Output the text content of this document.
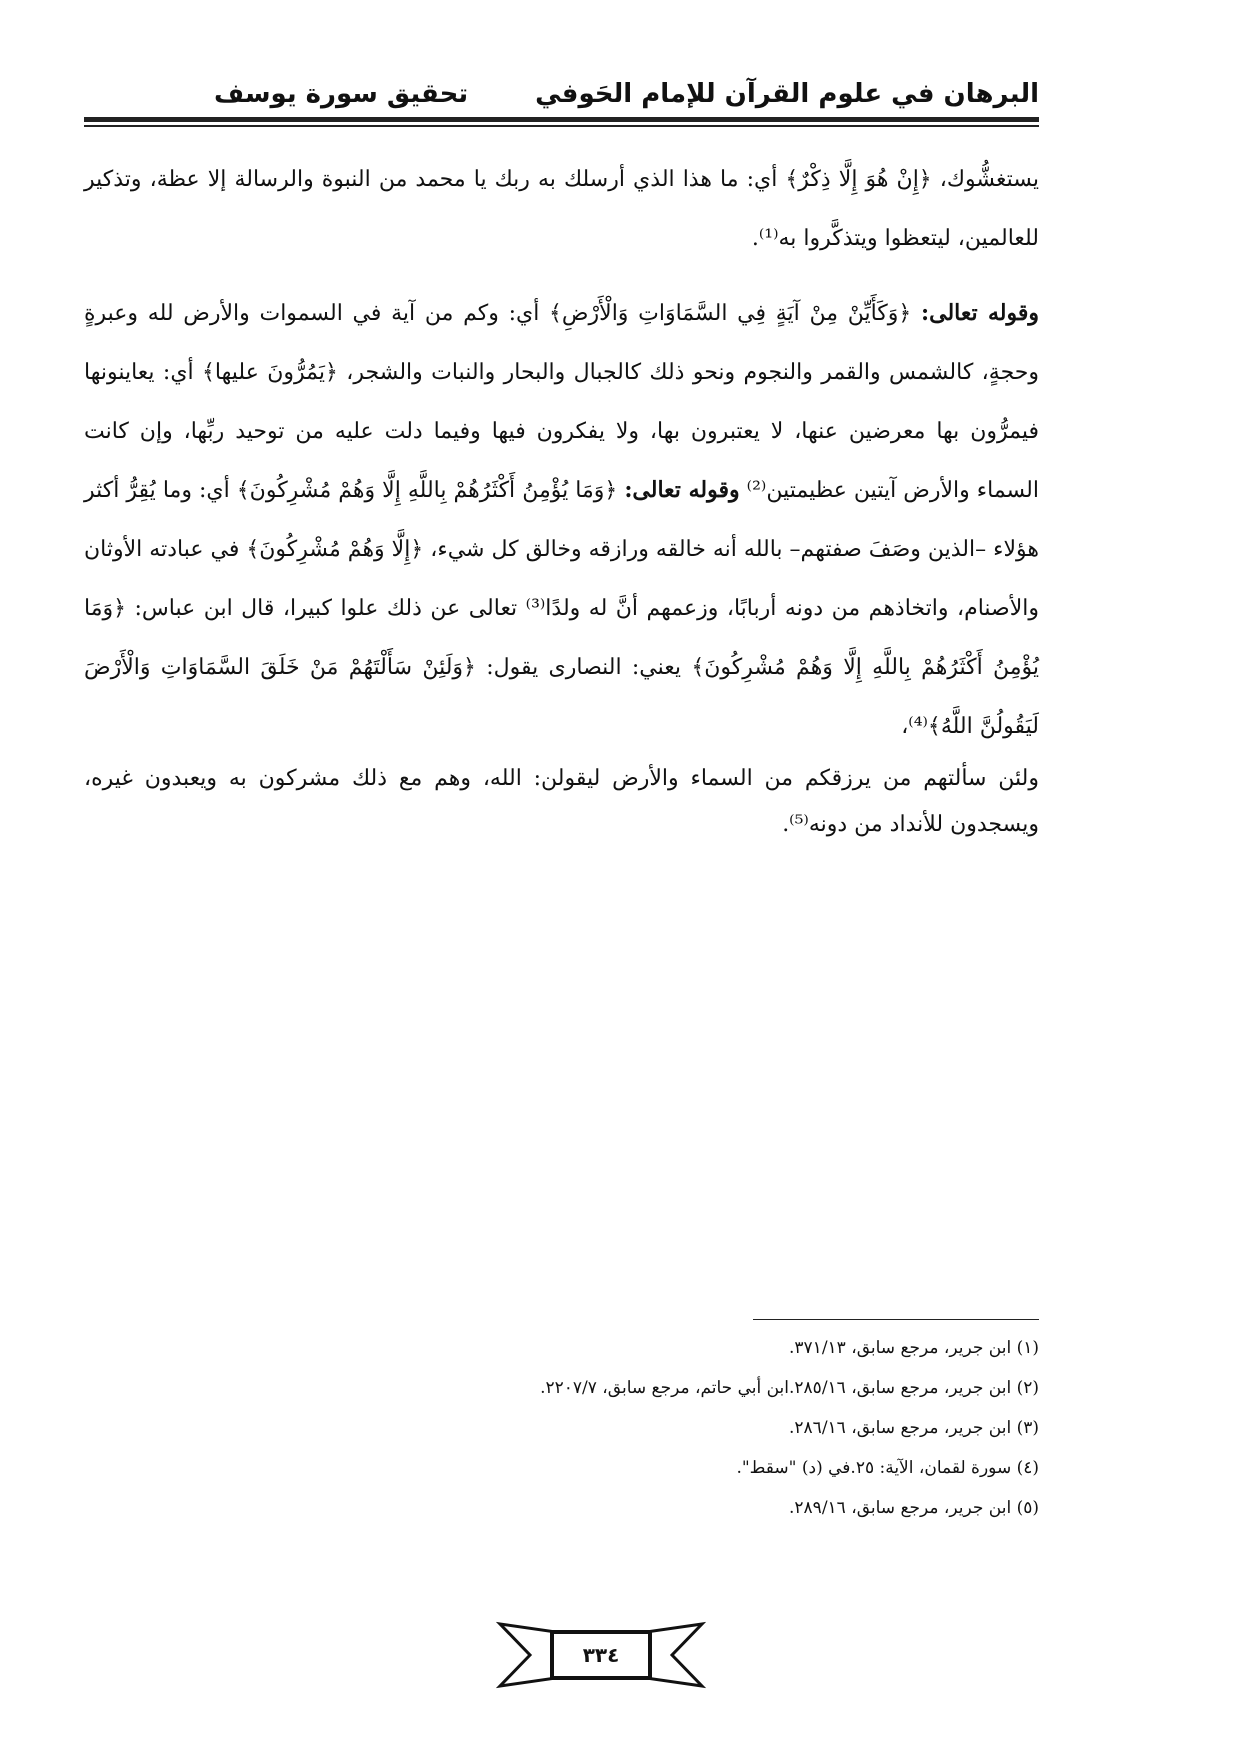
البرهان في علوم القرآن للإمام الحَوفي
تحقيق سورة يوسف

يستغشُّوك، ﴿إِنْ هُوَ إِلَّا ذِكْرٌ﴾ أي: ما هذا الذي أرسلك به ربك يا محمد من النبوة والرسالة إلا عظة، وتذكير للعالمين، ليتعظوا ويتذكَّروا به⁽¹⁾.

وقوله تعالى: ﴿وَكَأَيِّنْ مِنْ آيَةٍ فِي السَّمَاوَاتِ وَالْأَرْضِ﴾ أي: وكم من آية في السموات والأرض لله وعبرةٍ وحجةٍ، كالشمس والقمر والنجوم ونحو ذلك كالجبال والبحار والنبات والشجر، ﴿يَمُرُّونَ عليها﴾ أي: يعاينونها فيمرُّون بها معرضين عنها، لا يعتبرون بها، ولا يفكرون فيها وفيما دلت عليه من توحيد ربِّها، وإن كانت السماء والأرض آيتين عظيمتين⁽²⁾ وقوله تعالى: ﴿وَمَا يُؤْمِنُ أَكْثَرُهُمْ بِاللَّهِ إِلَّا وَهُمْ مُشْرِكُونَ﴾ أي: وما يُقِرُّ أكثر هؤلاء –الذين وصَفَ صفتهم– بالله أنه خالقه ورازقه وخالق كل شيء، ﴿إِلَّا وَهُمْ مُشْرِكُونَ﴾ في عبادته الأوثان والأصنام، واتخاذهم من دونه أربابًا، وزعمهم أنَّ له ولدًا⁽³⁾ تعالى عن ذلك علوا كبيرا، قال ابن عباس: ﴿وَمَا يُؤْمِنُ أَكْثَرُهُمْ بِاللَّهِ إِلَّا وَهُمْ مُشْرِكُونَ﴾ يعني: النصارى يقول: ﴿وَلَئِنْ سَأَلْتَهُمْ مَنْ خَلَقَ السَّمَاوَاتِ وَالْأَرْضَ لَيَقُولُنَّ اللَّهُ﴾⁽⁴⁾،

ولئن سألتهم من يرزقكم من السماء والأرض ليقولن: الله، وهم مع ذلك مشركون به ويعبدون غيره، ويسجدون للأنداد من دونه⁽⁵⁾.

(١) ابن جرير، مرجع سابق، ٣٧١/١٣.
(٢) ابن جرير، مرجع سابق، ٢٨٥/١٦.ابن أبي حاتم، مرجع سابق، ٢٢٠٧/٧.
(٣) ابن جرير، مرجع سابق، ٢٨٦/١٦.
(٤) سورة لقمان، الآية: ٢٥.في (د) "سقط".
(٥) ابن جرير، مرجع سابق، ٢٨٩/١٦.
٣٣٤
